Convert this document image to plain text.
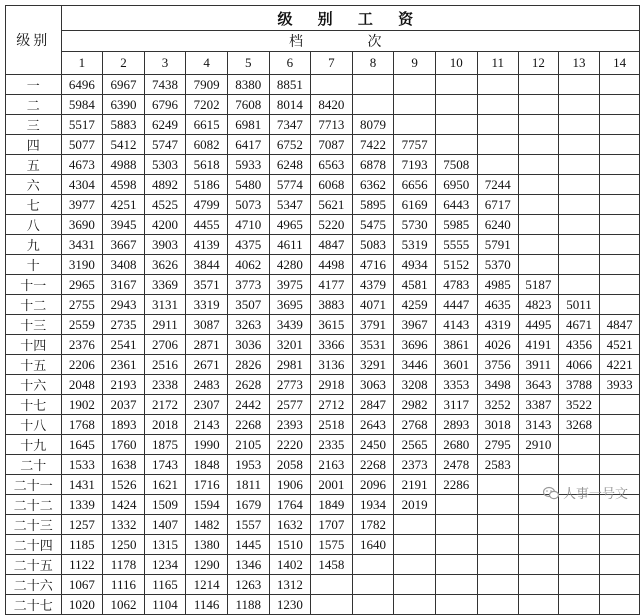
级别	级 别 工 资													
	档 次													
	1	2	3	4	5	6	7	8	9	10	11	12	13	14
一	6496	6967	7438	7909	8380	8851								
二	5984	6390	6796	7202	7608	8014	8420							
三	5517	5883	6249	6615	6981	7347	7713	8079						
四	5077	5412	5747	6082	6417	6752	7087	7422	7757					
五	4673	4988	5303	5618	5933	6248	6563	6878	7193	7508				
六	4304	4598	4892	5186	5480	5774	6068	6362	6656	6950	7244			
七	3977	4251	4525	4799	5073	5347	5621	5895	6169	6443	6717			
八	3690	3945	4200	4455	4710	4965	5220	5475	5730	5985	6240			
九	3431	3667	3903	4139	4375	4611	4847	5083	5319	5555	5791			
十	3190	3408	3626	3844	4062	4280	4498	4716	4934	5152	5370			
十一	2965	3167	3369	3571	3773	3975	4177	4379	4581	4783	4985	5187		
十二	2755	2943	3131	3319	3507	3695	3883	4071	4259	4447	4635	4823	5011	
十三	2559	2735	2911	3087	3263	3439	3615	3791	3967	4143	4319	4495	4671	4847
十四	2376	2541	2706	2871	3036	3201	3366	3531	3696	3861	4026	4191	4356	4521
十五	2206	2361	2516	2671	2826	2981	3136	3291	3446	3601	3756	3911	4066	4221
十六	2048	2193	2338	2483	2628	2773	2918	3063	3208	3353	3498	3643	3788	3933
十七	1902	2037	2172	2307	2442	2577	2712	2847	2982	3117	3252	3387	3522	
十八	1768	1893	2018	2143	2268	2393	2518	2643	2768	2893	3018	3143	3268	
十九	1645	1760	1875	1990	2105	2220	2335	2450	2565	2680	2795	2910		
二十	1533	1638	1743	1848	1953	2058	2163	2268	2373	2478	2583			
二十一	1431	1526	1621	1716	1811	1906	2001	2096	2191	2286				
二十二	1339	1424	1509	1594	1679	1764	1849	1934	2019					
二十三	1257	1332	1407	1482	1557	1632	1707	1782						
二十四	1185	1250	1315	1380	1445	1510	1575	1640						
二十五	1122	1178	1234	1290	1346	1402	1458							
二十六	1067	1116	1165	1214	1263	1312								
二十七	1020	1062	1104	1146	1188	1230								
人事一号文
